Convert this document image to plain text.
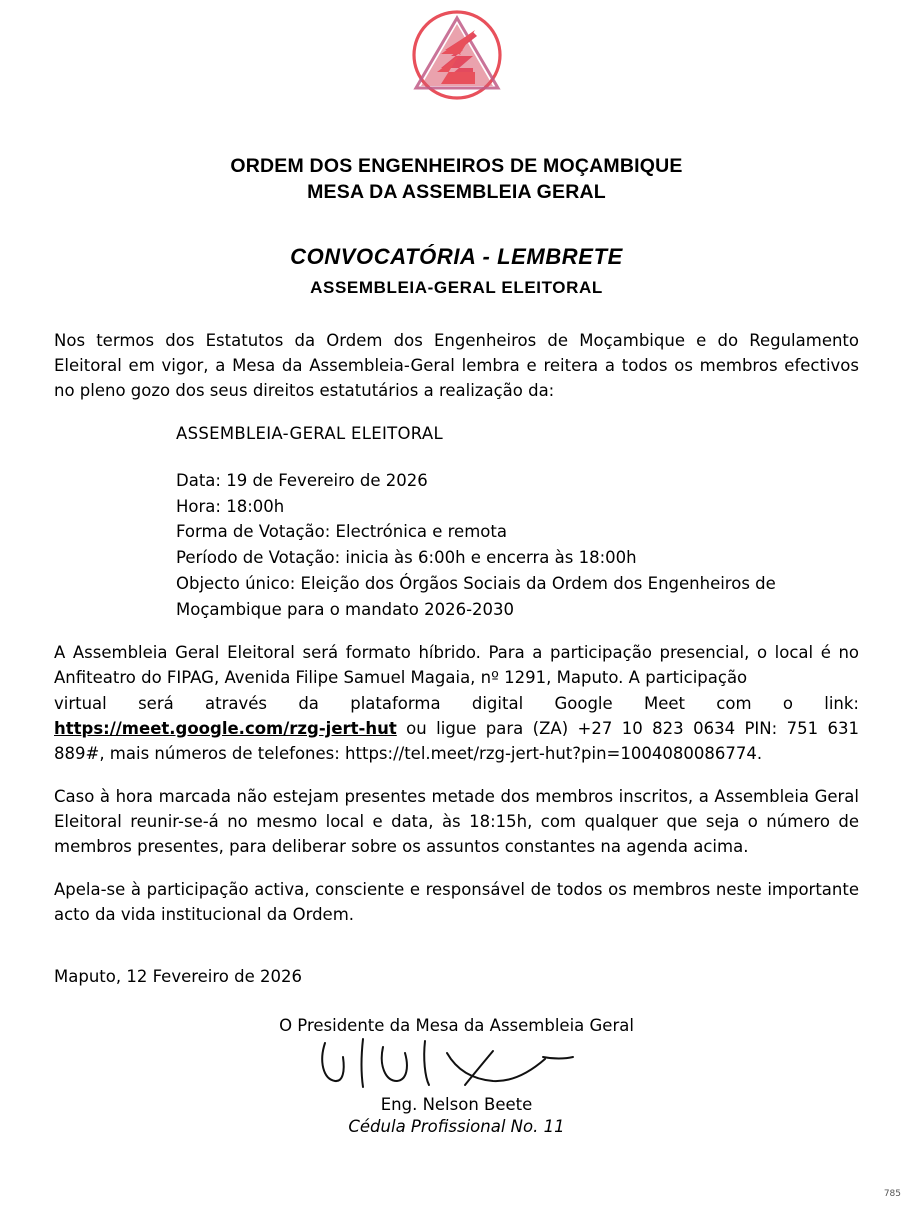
ORDEM DOS ENGENHEIROS DE MOÇAMBIQUE
MESA DA ASSEMBLEIA GERAL
CONVOCATÓRIA - LEMBRETE
ASSEMBLEIA-GERAL ELEITORAL

Nos termos dos Estatutos da Ordem dos Engenheiros de Moçambique e do Regulamento Eleitoral em vigor, a Mesa da Assembleia-Geral lembra e reitera a todos os membros efectivos no pleno gozo dos seus direitos estatutários a realização da:

ASSEMBLEIA-GERAL ELEITORAL

Data: 19 de Fevereiro de 2026

Hora: 18:00h

Forma de Votação: Electrónica e remota

Período de Votação: inicia às 6:00h e encerra às 18:00h

Objecto único: Eleição dos Órgãos Sociais da Ordem dos Engenheiros de Moçambique para o mandato 2026-2030

A Assembleia Geral Eleitoral será formato híbrido. Para a participação presencial, o local é no Anfiteatro do FIPAG, Avenida Filipe Samuel Magaia, nº 1291, Maputo. A participação
virtual será através da plataforma digital Google Meet com o link:
https://meet.google.com/rzg-jert-hut ou ligue para (ZA) +27 10 823 0634 PIN: 751 631 889#, mais números de telefones: https://tel.meet/rzg-jert-hut?pin=1004080086774.

Caso à hora marcada não estejam presentes metade dos membros inscritos, a Assembleia Geral Eleitoral reunir-se-á no mesmo local e data, às 18:15h, com qualquer que seja o número de membros presentes, para deliberar sobre os assuntos constantes na agenda acima.

Apela-se à participação activa, consciente e responsável de todos os membros neste importante acto da vida institucional da Ordem.

Maputo, 12 Fevereiro de 2026
O Presidente da Mesa da Assembleia Geral
Eng. Nelson Beete
Cédula Profissional No. 11
785
